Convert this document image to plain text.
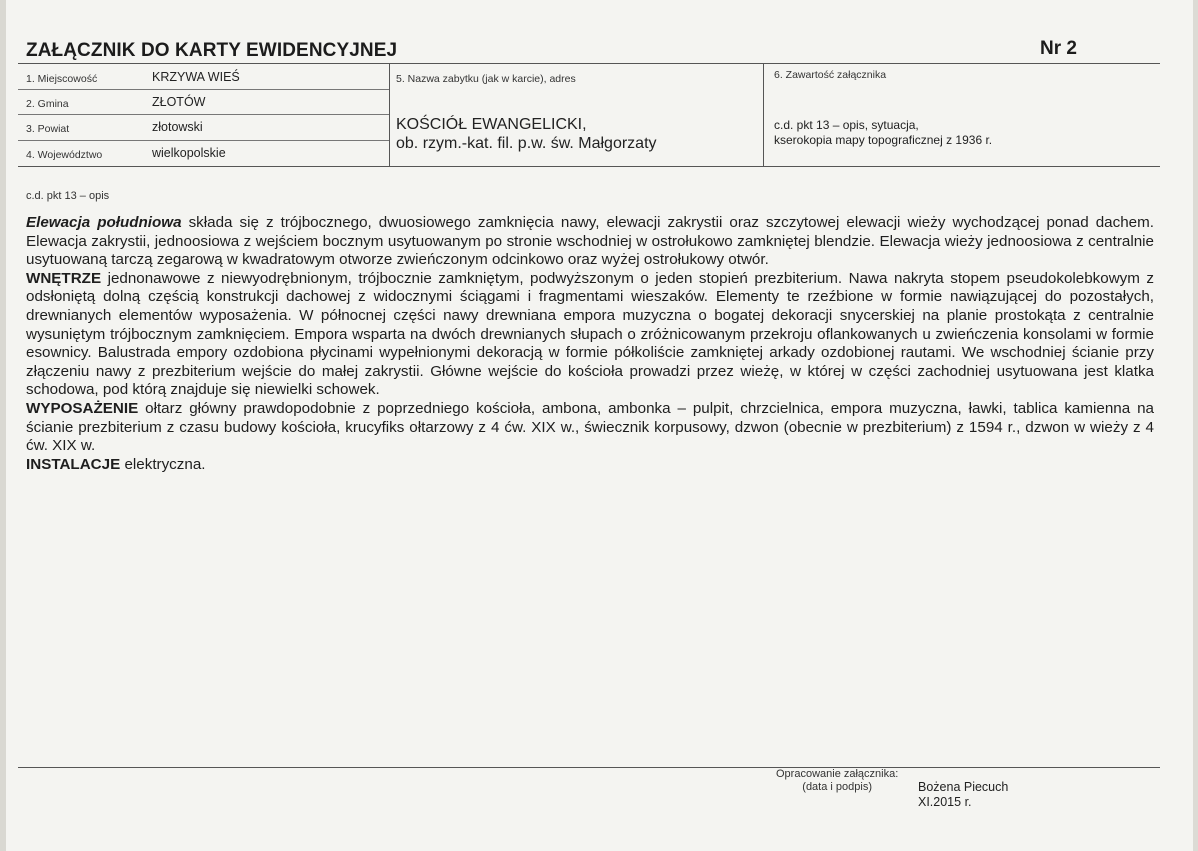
ZAŁĄCZNIK DO KARTY EWIDENCYJNEJ	Nr 2
1. Miejscowość	KRZYWA WIEŚ
2. Gmina	ZŁOTÓW
3. Powiat	złotowski
4. Województwo	wielkopolskie
5. Nazwa zabytku (jak w karcie), adres
KOŚCIÓŁ EWANGELICKI,
ob. rzym.-kat. fil. p.w. św. Małgorzaty
6. Zawartość załącznika
c.d. pkt 13 – opis, sytuacja,
kserokopia mapy topograficznej z 1936 r.
c.d. pkt 13 – opis

Elewacja południowa składa się z trójbocznego, dwuosiowego zamknięcia nawy, elewacji zakrystii oraz szczytowej elewacji wieży wychodzącej ponad dachem. Elewacja zakrystii, jednoosiowa z wejściem bocznym usytuowanym po stronie wschodniej w ostrołukowo zamkniętej blendzie. Elewacja wieży jednoosiowa z centralnie usytuowaną tarczą zegarową w kwadratowym otworze zwieńczonym odcinkowo oraz wyżej ostrołukowy otwór.

WNĘTRZE jednonawowe z niewyodrębnionym, trójbocznie zamkniętym, podwyższonym o jeden stopień prezbiterium. Nawa nakryta stopem pseudokolebkowym z odsłoniętą dolną częścią konstrukcji dachowej z widocznymi ściągami i fragmentami wieszaków. Elementy te rzeźbione w formie nawiązującej do pozostałych, drewnianych elementów wyposażenia. W północnej części nawy drewniana empora muzyczna o bogatej dekoracji snycerskiej na planie prostokąta z centralnie wysuniętym trójbocznym zamknięciem. Empora wsparta na dwóch drewnianych słupach o zróżnicowanym przekroju oflankowanych u zwieńczenia konsolami w formie esownicy. Balustrada empory ozdobiona płycinami wypełnionymi dekoracją w formie półkoliście zamkniętej arkady ozdobionej rautami. We wschodniej ścianie przy złączeniu nawy z prezbiterium wejście do małej zakrystii. Główne wejście do kościoła prowadzi przez wieżę, w której w części zachodniej usytuowana jest klatka schodowa, pod którą znajduje się niewielki schowek.

WYPOSAŻENIE ołtarz główny prawdopodobnie z poprzedniego kościoła, ambona, ambonka – pulpit, chrzcielnica, empora muzyczna, ławki, tablica kamienna na ścianie prezbiterium z czasu budowy kościoła, krucyfiks ołtarzowy z 4 ćw. XIX w., świecznik korpusowy, dzwon (obecnie w prezbiterium) z 1594 r., dzwon w wieży z 4 ćw. XIX w.

INSTALACJE elektryczna.

Opracowanie załącznika:
(data i podpis)	Bożena Piecuch
XI.2015 r.
